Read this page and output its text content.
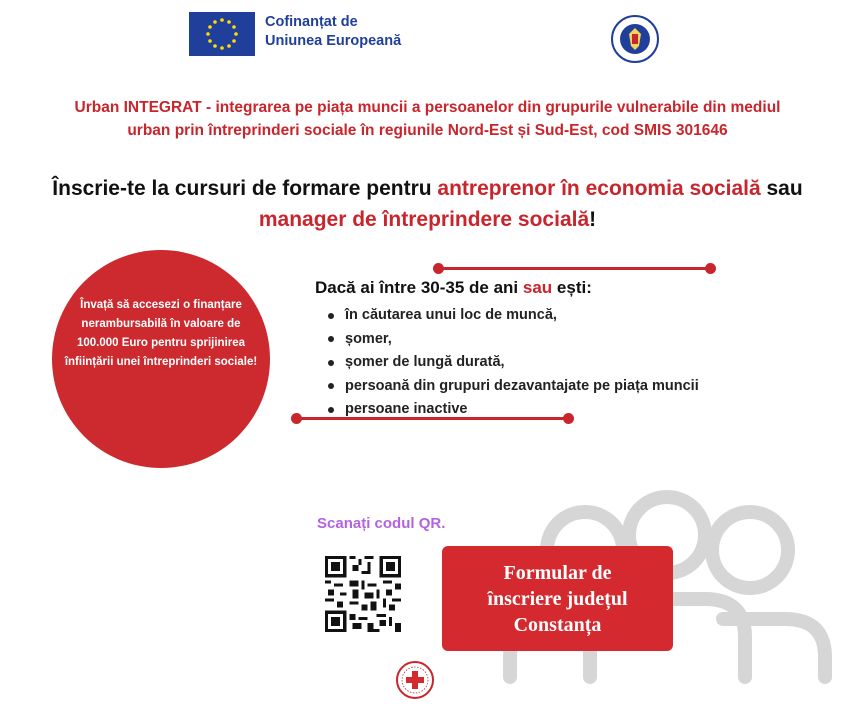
Cofinanțat de
Uniunea Europeană
Urban INTEGRAT - integrarea pe piața muncii a persoanelor din grupurile vulnerabile din mediul urban prin întreprinderi sociale în regiunile Nord-Est și Sud-Est, cod SMIS 301646
Înscrie-te la cursuri de formare pentru antreprenor în economia socială sau manager de întreprindere socială!
Învață să accesezi o finanțare nerambursabilă în valoare de 100.000 Euro pentru sprijinirea înființării unei întreprinderi sociale!
Dacă ai între 30-35 de ani sau ești:
în căutarea unui loc de muncă,
șomer,
șomer de lungă durată,
persoană din grupuri dezavantajate pe piața muncii
persoane inactive
Scanați codul QR.
Formular de
înscriere județul
Constanța
